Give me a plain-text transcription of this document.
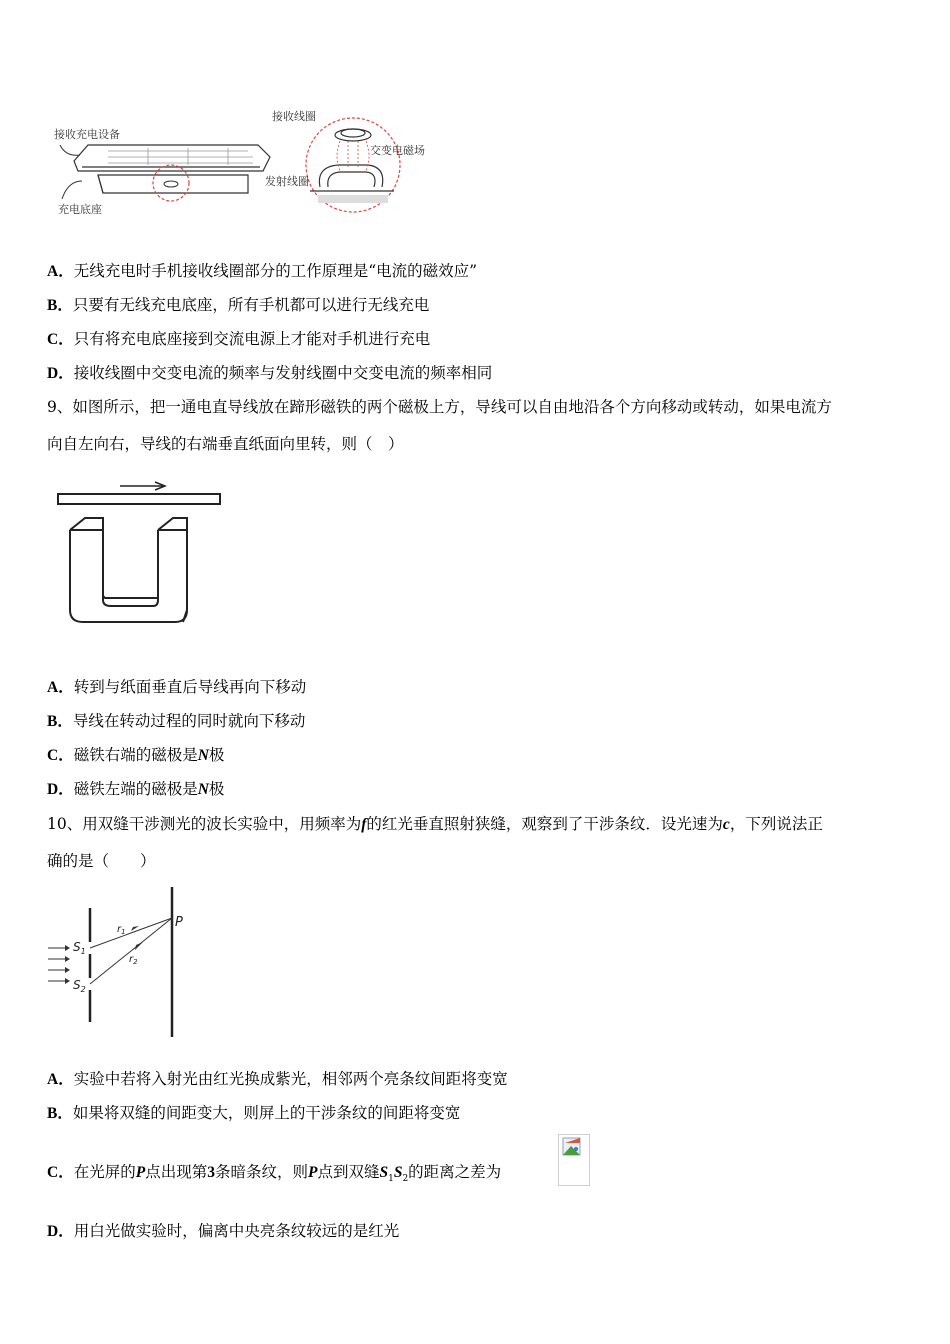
接收充电设备
充电底座
接收线圈
交变电磁场
发射线圈
A．无线充电时手机接收线圈部分的工作原理是“电流的磁效应”
B．只要有无线充电底座，所有手机都可以进行无线充电
C．只有将充电底座接到交流电源上才能对手机进行充电
D．接收线圈中交变电流的频率与发射线圈中交变电流的频率相同
9、如图所示，把一通电直导线放在蹄形磁铁的两个磁极上方，导线可以自由地沿各个方向移动或转动，如果电流方
向自左向右，导线的右端垂直纸面向里转，则（　）
A．转到与纸面垂直后导线再向下移动
B．导线在转动过程的同时就向下移动
C．磁铁右端的磁极是N极
D．磁铁左端的磁极是N极
10、用双缝干涉测光的波长实验中，用频率为f的红光垂直照射狭缝，观察到了干涉条纹．设光速为c，下列说法正
确的是（　　）
$S_1$
$S_2$
P
$r_1$
$r_2$
A．实验中若将入射光由红光换成紫光，相邻两个亮条纹间距将变宽
B．如果将双缝的间距变大，则屏上的干涉条纹的间距将变宽
C．在光屏的P点出现第3条暗条纹，则P点到双缝$S_1S_2$的距离之差为
D．用白光做实验时，偏离中央亮条纹较远的是红光
